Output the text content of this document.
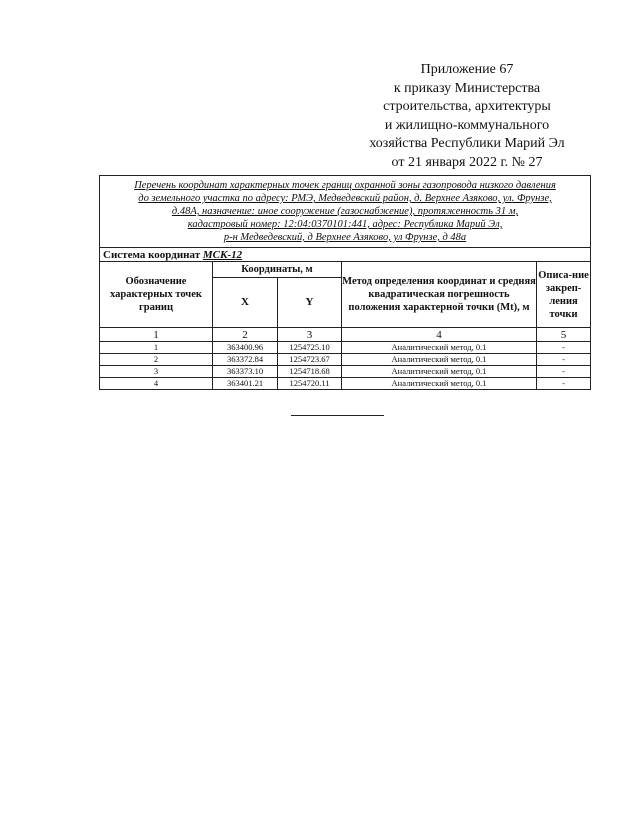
Приложение 67
к приказу Министерства
строительства, архитектуры
и жилищно-коммунального
хозяйства Республики Марий Эл
от 21 января 2022 г. № 27
Перечень координат характерных точек границ охранной зоны газопровода низкого давления
до земельного участка по адресу: РМЭ, Медведевский район, д. Верхнее Азяково, ул. Фрунзе,
д.48А, назначение: иное сооружение (газоснабжение), протяженность 31 м,
кадастровый номер: 12:04:0370101:441, адрес: Республика Марий Эл,
р-н Медведевский, д Верхнее Азяково, ул Фрунзе, д 48а				

Система координат МСК-12				
Обозначение характерных точек границ	Координаты, м		Метод определения координат и средняя квадратическая погрешность положения характерной точки (Mt), м	Описа-ние закреп-ления точки
	X	Y		
1	2	3	4	5
1	363400.96	1254725.10	Аналитический метод, 0.1	-
2	363372.84	1254723.67	Аналитический метод, 0.1	-
3	363373.10	1254718.68	Аналитический метод, 0.1	-
4	363401.21	1254720.11	Аналитический метод, 0.1	-
